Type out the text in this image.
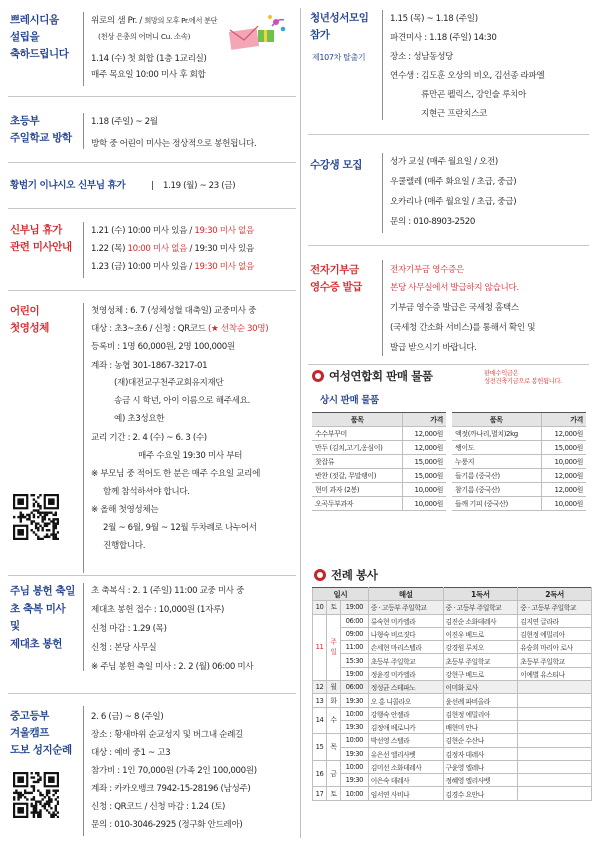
쁘레시디움
설립을
축하드립니다
위로의 샘 Pr. / 희망의 모후 Pr.에서 분단
(천상 은총의 어머니 Cu. 소속)
1.14 (수) 첫 회합 (1층 1교리실)
매주 목요일 10:00 미사 후 회합
초등부
주일학교 방학
1.18 (주일) ~ 2월
방학 중 어린이 미사는 정상적으로 봉헌됩니다.
황범기 이냐시오 신부님 휴가	| 1.19 (월) ~ 23 (금)
신부님 휴가
관련 미사안내
1.21 (수) 10:00 미사 있음 / 19:30 미사 없음
1.22 (목) 10:00 미사 없음 / 19:30 미사 있음
1.23 (금) 10:00 미사 있음 / 19:30 미사 없음
어린이
첫영성체
첫영성체 : 6. 7 (성체성혈 대축일) 교중미사 중
대상 : 초3~초6 / 신청 : QR코드 (★ 선착순 30명)
등록비 : 1명 60,000원, 2명 100,000원
계좌 : 농협 301-1867-3217-01
(재)대전교구천주교회유지재단
송금 시 학년, 아이 이름으로 해주세요.
예) 초3성요한
교리 기간 : 2. 4 (수) ~ 6. 3 (수)
매주 수요일 19:30 미사 부터
※ 부모님 중 적어도 한 분은 매주 수요일 교리에
함께 참석하셔야 합니다.
※ 올해 첫영성체는
2월 ~ 6월, 9월 ~ 12월 두차례로 나누어서
진행합니다.
주님 봉헌 축일
초 축복 미사
및
제대초 봉헌
초 축복식 : 2. 1 (주일) 11:00 교중 미사 중
제대초 봉헌 접수 : 10,000원 (1자루)
신청 마감 : 1.29 (목)
신청 : 본당 사무실
※ 주님 봉헌 축일 미사 : 2. 2 (월) 06:00 미사
중고등부
겨울캠프
도보 성지순례
2. 6 (금) ~ 8 (주일)
장소 : 황새바위 순교성지 및 버그내 순례길
대상 : 예비 중1 ~ 고3
참가비 : 1인 70,000원 (가족 2인 100,000원)
계좌 : 카카오뱅크 7942-15-28196 (남성주)
신청 : QR코드 / 신청 마감 : 1.24 (토)
문의 : 010-3046-2925 (정구화 안드레아)
청년성서모임
참가
제107차 탈출기
1.15 (목) ~ 1.18 (주일)
파견미사 : 1.18 (주일) 14:30
장소 : 성남동성당
연수생 : 김도훈 오상의 비오, 김선종 라파엘
류만곤 펠릭스, 강인술 루치아
지현근 프란치스코
수강생 모집	성가 교실 (매주 월요일 / 오전)
우쿨렐레 (매주 화요일 / 초급, 중급)
오카리나 (매주 월요일 / 초급, 중급)
문의 : 010-8903-2520
전자기부금
영수증 발급
전자기부금 영수증은
본당 사무실에서 발급하지 않습니다.
기부금 영수증 발급은 국세청 홈택스
(국세청 간소화 서비스)를 통해서 확인 및
발급 받으시기 바랍니다.
여성연합회 판매 물품	판매수익금은
성전건축기금으로 봉헌됩니다.
상시 판매 물품
품목	가격
수수부꾸미	12,000원
만두 (김치,고기,옹심이)	12,000원
찻잡류	15,000원
반찬 (젓갈, 무말랭이)	15,000원
현미 과자 (2봉)	10,000원
오곡두부과자	10,000원
품목	가격
액젓(까나리,멸치)2kg	12,000원
쌩이도	15,000원
누룽지	10,000원
들기름 (중국산)	12,000원
참기름 (중국산)	12,000원
들깨 기피 (중국산)	10,000원
전례 봉사
일시			해설	1독서	2독서
10	토	19:00	중 · 고등부 주일학교	중 · 고등부 주일학교	중 · 고등부 주일학교
11	주일	06:00	류숙현 미카엘라	김진순 소화데레사	김지연 글라라
		09:00	나형숙 비르짓다	이진우 베드로	김현정 에밀리아
		11:00	손세현 마리스텔라	강경원 루치오	유승희 마리아 로사
		15:30	초등부 주일학교	초등부 주일학교	초등부 주일학교
		19:00	정윤경 미카엘라	강현구 베드로	이예별 유스티나
12	월	06:00	정성균 스테파노	이미화 로사	
13	화	19:30	오 홍 니콜라오	윤선례 파비올라	
14	수	10:00	강행숙 안젤라	김현정 에밀리아	
		19:30	김정애 베로니카	배현미 안나	
15	목	10:00	박선영 스텔라	김현순 수산나	
		19:30	유은선 엘리사벳	김정자 데레사	
16	금	10:00	김미선 소화데레사	구윤영 엘레나	
		19:30	이은숙 데레사	정혜영 엘리사벳	
17	토	10:00	임서연 사비나	김경수 요안나	
